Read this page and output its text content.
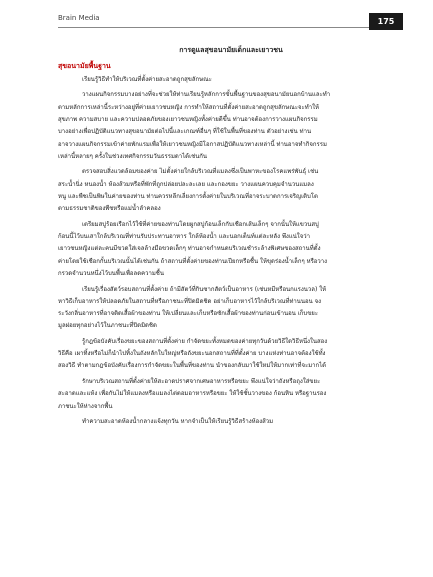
Brain Media	175
การดูแลสุขอนามัยเด็กและเยาวชน
สุขอนามัยพื้นฐาน

เรียนรู้วิธีทำให้บริเวณที่ตั้งค่ายสะอาดถูกสุขลักษณะ

วางแผนกิจกรรมบางอย่างที่จะช่วยให้ท่านเรียนรู้หลักการขั้นพื้นฐานของสุขอนามัยนอกบ้านและทำ
ตามหลักการเหล่านี้ระหว่างอยู่ที่ค่ายเยาวชนหญิง การทำให้สถานที่ตั้งค่ายสะอาดถูกสุขลักษณะจะทำให้
สุขภาพ ความสบาย และความปลอดภัยของเยาวชนหญิงทั้งค่ายดีขึ้น ท่านอาจต้องการวางแผนกิจกรรม
บางอย่างเพื่อปฏิบัติแนวทางสุขอนามัยต่อไปนี้และเกณฑ์อื่นๆ ที่ใช้ในพื้นที่ของท่าน ตัวอย่างเช่น ท่าน
อาจวางแผนกิจกรรมเข้าค่ายพักแรมเพื่อให้เยาวชนหญิงมีโอกาสปฏิบัติแนวทางเหล่านี้ ท่านอาจทำกิจกรรม
เหล่านี้หลายๆ ครั้งในช่วงเทศกิจกรรมวันธรรมดาได้เช่นกัน

ตรวจสอบสิ่งแวดล้อมของค่าย ไม่ตั้งค่ายใกล้บริเวณที่แมลงซึ่งเป็นพาหะของโรคแพร่พันธุ์ เช่น
สระน้ำนิ่ง หนองน้ำ ห้องส้วมหรือที่พักที่ถูกปล่อยปละละเลย และกองขยะ วางแผนควบคุมจำนวนแมลง
หนู และพืชเป็นพิษในค่ายของท่าน ท่านควรหลีกเลี่ยงการตั้งค่ายในบริเวณที่อาจระบาดการเจริญเติบโต
ตามธรรมชาติของพืชหรือแม่น้ำลำคลอง

เตรียมสบู่ร้อยเรือกไว้ใช้ที่ค่ายของท่านโดยผูกสบู่ก้อนเล็กกับเชือกเส้นเล็กๆ จากนั้นให้แขวนสบู่
ก้อนนี้ไว้บนเสาใกล้บริเวณที่ท่านรับประทานอาหาร ใกล้ห้องน้ำ และนอกเต็นท์แต่ละหลัง พึงแน่ใจว่า
เยาวชนหญิงแต่ละคนมีขวดใส่เจลล้างมือขวดเล็กๆ ท่านอาจกำหนดบริเวณชำระล้างพิเศษของสถานที่ตั้ง
ค่ายโดยใช้เชือกกั้นบริเวณนั้นได้เช่นกัน ถ้าสถานที่ตั้งค่ายของท่านเปียกหรือชื้น ให้ขุดร่องน้ำเล็กๆ หรือวาง
กรวดจำนวนหนึ่งไว้บนพื้นเพื่อลดความชื้น

เรียนรู้เรื่องสัตว์รอบสถานที่ตั้งค่าย ถ้ามีสัตว์ที่กินซากสัตว์เป็นอาหาร (เช่นหมีหรือนกแรงนวล) ให้
หาวิธีเก็บอาหารให้ปลอดภัยในสถานที่หรือภาชนะที่ปิดมิดชิด อย่าเก็บอาหารไว้ใกล้บริเวณที่ท่านนอน จง
ระวังกลิ่นอาหารที่อาจติดเสื้อผ้าของท่าน ให้เปลี่ยนและเก็บหรือซักเสื้อผ้าของท่านก่อนเข้านอน เก็บขยะ
มูลฝอยทุกอย่างไว้ในภาชนะที่ปิดมิดชิด

รู้กฎข้อบังคับเรื่องขยะของสถานที่ตั้งค่าย กำจัดขยะทั้งหมดของค่ายทุกวันด้วยวิธีใดวิธีหนึ่งในสอง
วิธีคือ เผาทิ้งหรือไม่ก็นำไปทิ้งในถังหลักใบใหญ่หรือถังขยะนอกสถานที่ที่ตั้งค่าย บางแห่งท่านอาจต้องใช้ทั้ง
สองวิธี ทำตามกฎข้อบังคับเรื่องการกำจัดขยะในพื้นที่ของท่าน นำของกลับมาใช้ใหม่ให้มากเท่าที่จะมากได้

รักษาบริเวณสถานที่ตั้งค่ายให้สะอาดปราศจากเศษอาหารหรือขยะ พึงแน่ใจว่าถังหรือถุงใส่ขยะ
สะอาดและแห้ง เพื่อกันไม่ให้แมลงหรือแมลงไต่ตอมอาหารหรือขยะ ให้ใช้ชั้นวางของ ก้อนหิน หรือฐานรอง
ภาชนะให้ห่างจากพื้น

ทำความสะอาดห้องน้ำกลางแจ้งทุกวัน หากจำเป็นให้เรียนรู้วิธีสร้างห้องส้วม
